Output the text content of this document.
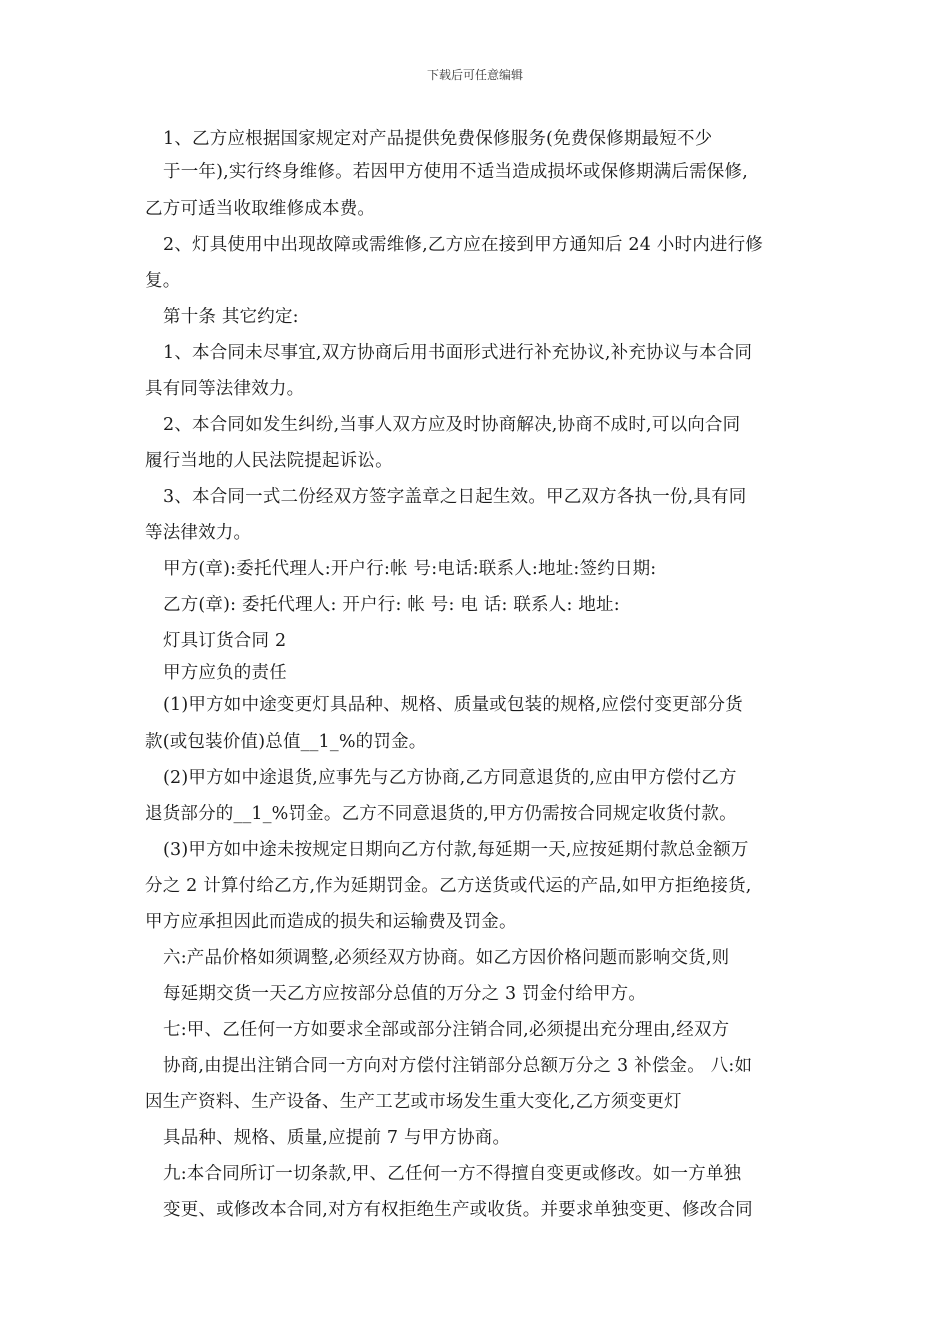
下载后可任意编辑
1、乙方应根据国家规定对产品提供免费保修服务(免费保修期最短不少
于一年),实行终身维修。若因甲方使用不适当造成损坏或保修期满后需保修,
乙方可适当收取维修成本费。
2、灯具使用中出现故障或需维修,乙方应在接到甲方通知后 24 小时内进行修
复。
第十条 其它约定:
1、本合同未尽事宜,双方协商后用书面形式进行补充协议,补充协议与本合同
具有同等法律效力。
2、本合同如发生纠纷,当事人双方应及时协商解决,协商不成时,可以向合同
履行当地的人民法院提起诉讼。
3、本合同一式二份经双方签字盖章之日起生效。甲乙双方各执一份,具有同
等法律效力。
甲方(章):委托代理人:开户行:帐 号:电话:联系人:地址:签约日期:
乙方(章): 委托代理人: 开户行: 帐 号: 电 话: 联系人: 地址:
灯具订货合同 2
甲方应负的责任
(1)甲方如中途变更灯具品种、规格、质量或包装的规格,应偿付变更部分货
款(或包装价值)总值__1_%的罚金。
(2)甲方如中途退货,应事先与乙方协商,乙方同意退货的,应由甲方偿付乙方
退货部分的__1_%罚金。乙方不同意退货的,甲方仍需按合同规定收货付款。
(3)甲方如中途未按规定日期向乙方付款,每延期一天,应按延期付款总金额万
分之 2 计算付给乙方,作为延期罚金。乙方送货或代运的产品,如甲方拒绝接货,
甲方应承担因此而造成的损失和运输费及罚金。
六:产品价格如须调整,必须经双方协商。如乙方因价格问题而影响交货,则
每延期交货一天乙方应按部分总值的万分之 3 罚金付给甲方。
七:甲、乙任何一方如要求全部或部分注销合同,必须提出充分理由,经双方
协商,由提出注销合同一方向对方偿付注销部分总额万分之 3 补偿金。 八:如
因生产资料、生产设备、生产工艺或市场发生重大变化,乙方须变更灯
具品种、规格、质量,应提前 7 与甲方协商。
九:本合同所订一切条款,甲、乙任何一方不得擅自变更或修改。如一方单独
变更、或修改本合同,对方有权拒绝生产或收货。并要求单独变更、修改合同
